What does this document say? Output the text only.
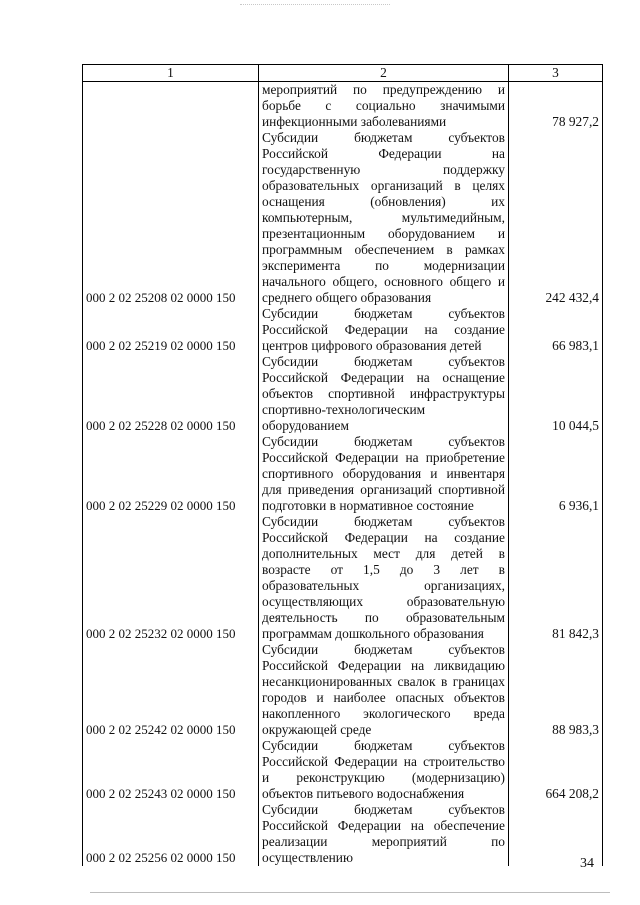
1	2	3
	мероприятий по предупреждению и борьбе с социально значимыми инфекционными заболеваниями	78 927,2
000 2 02 25208 02 0000 150	Субсидии бюджетам субъектов Российской Федерации на государственную поддержку образовательных организаций в целях оснащения (обновления) их компьютерным, мультимедийным, презентационным оборудованием и программным обеспечением в рамках эксперимента по модернизации начального общего, основного общего и среднего общего образования	242 432,4
000 2 02 25219 02 0000 150	Субсидии бюджетам субъектов Российской Федерации на создание центров цифрового образования детей	66 983,1
000 2 02 25228 02 0000 150	Субсидии бюджетам субъектов Российской Федерации на оснащение объектов спортивной инфраструктуры спортивно-технологическим оборудованием	10 044,5
000 2 02 25229 02 0000 150	Субсидии бюджетам субъектов Российской Федерации на приобретение спортивного оборудования и инвентаря для приведения организаций спортивной подготовки в нормативное состояние	6 936,1
000 2 02 25232 02 0000 150	Субсидии бюджетам субъектов Российской Федерации на создание дополнительных мест для детей в возрасте от 1,5 до 3 лет в образовательных организациях, осуществляющих образовательную деятельность по образовательным программам дошкольного образования	81 842,3
000 2 02 25242 02 0000 150	Субсидии бюджетам субъектов Российской Федерации на ликвидацию несанкционированных свалок в границах городов и наиболее опасных объектов накопленного экологического вреда окружающей среде	88 983,3
000 2 02 25243 02 0000 150	Субсидии бюджетам субъектов Российской Федерации на строительство и реконструкцию (модернизацию) объектов питьевого водоснабжения	664 208,2
000 2 02 25256 02 0000 150	Субсидии бюджетам субъектов Российской Федерации на обеспечение реализации мероприятий по осуществлению		34
